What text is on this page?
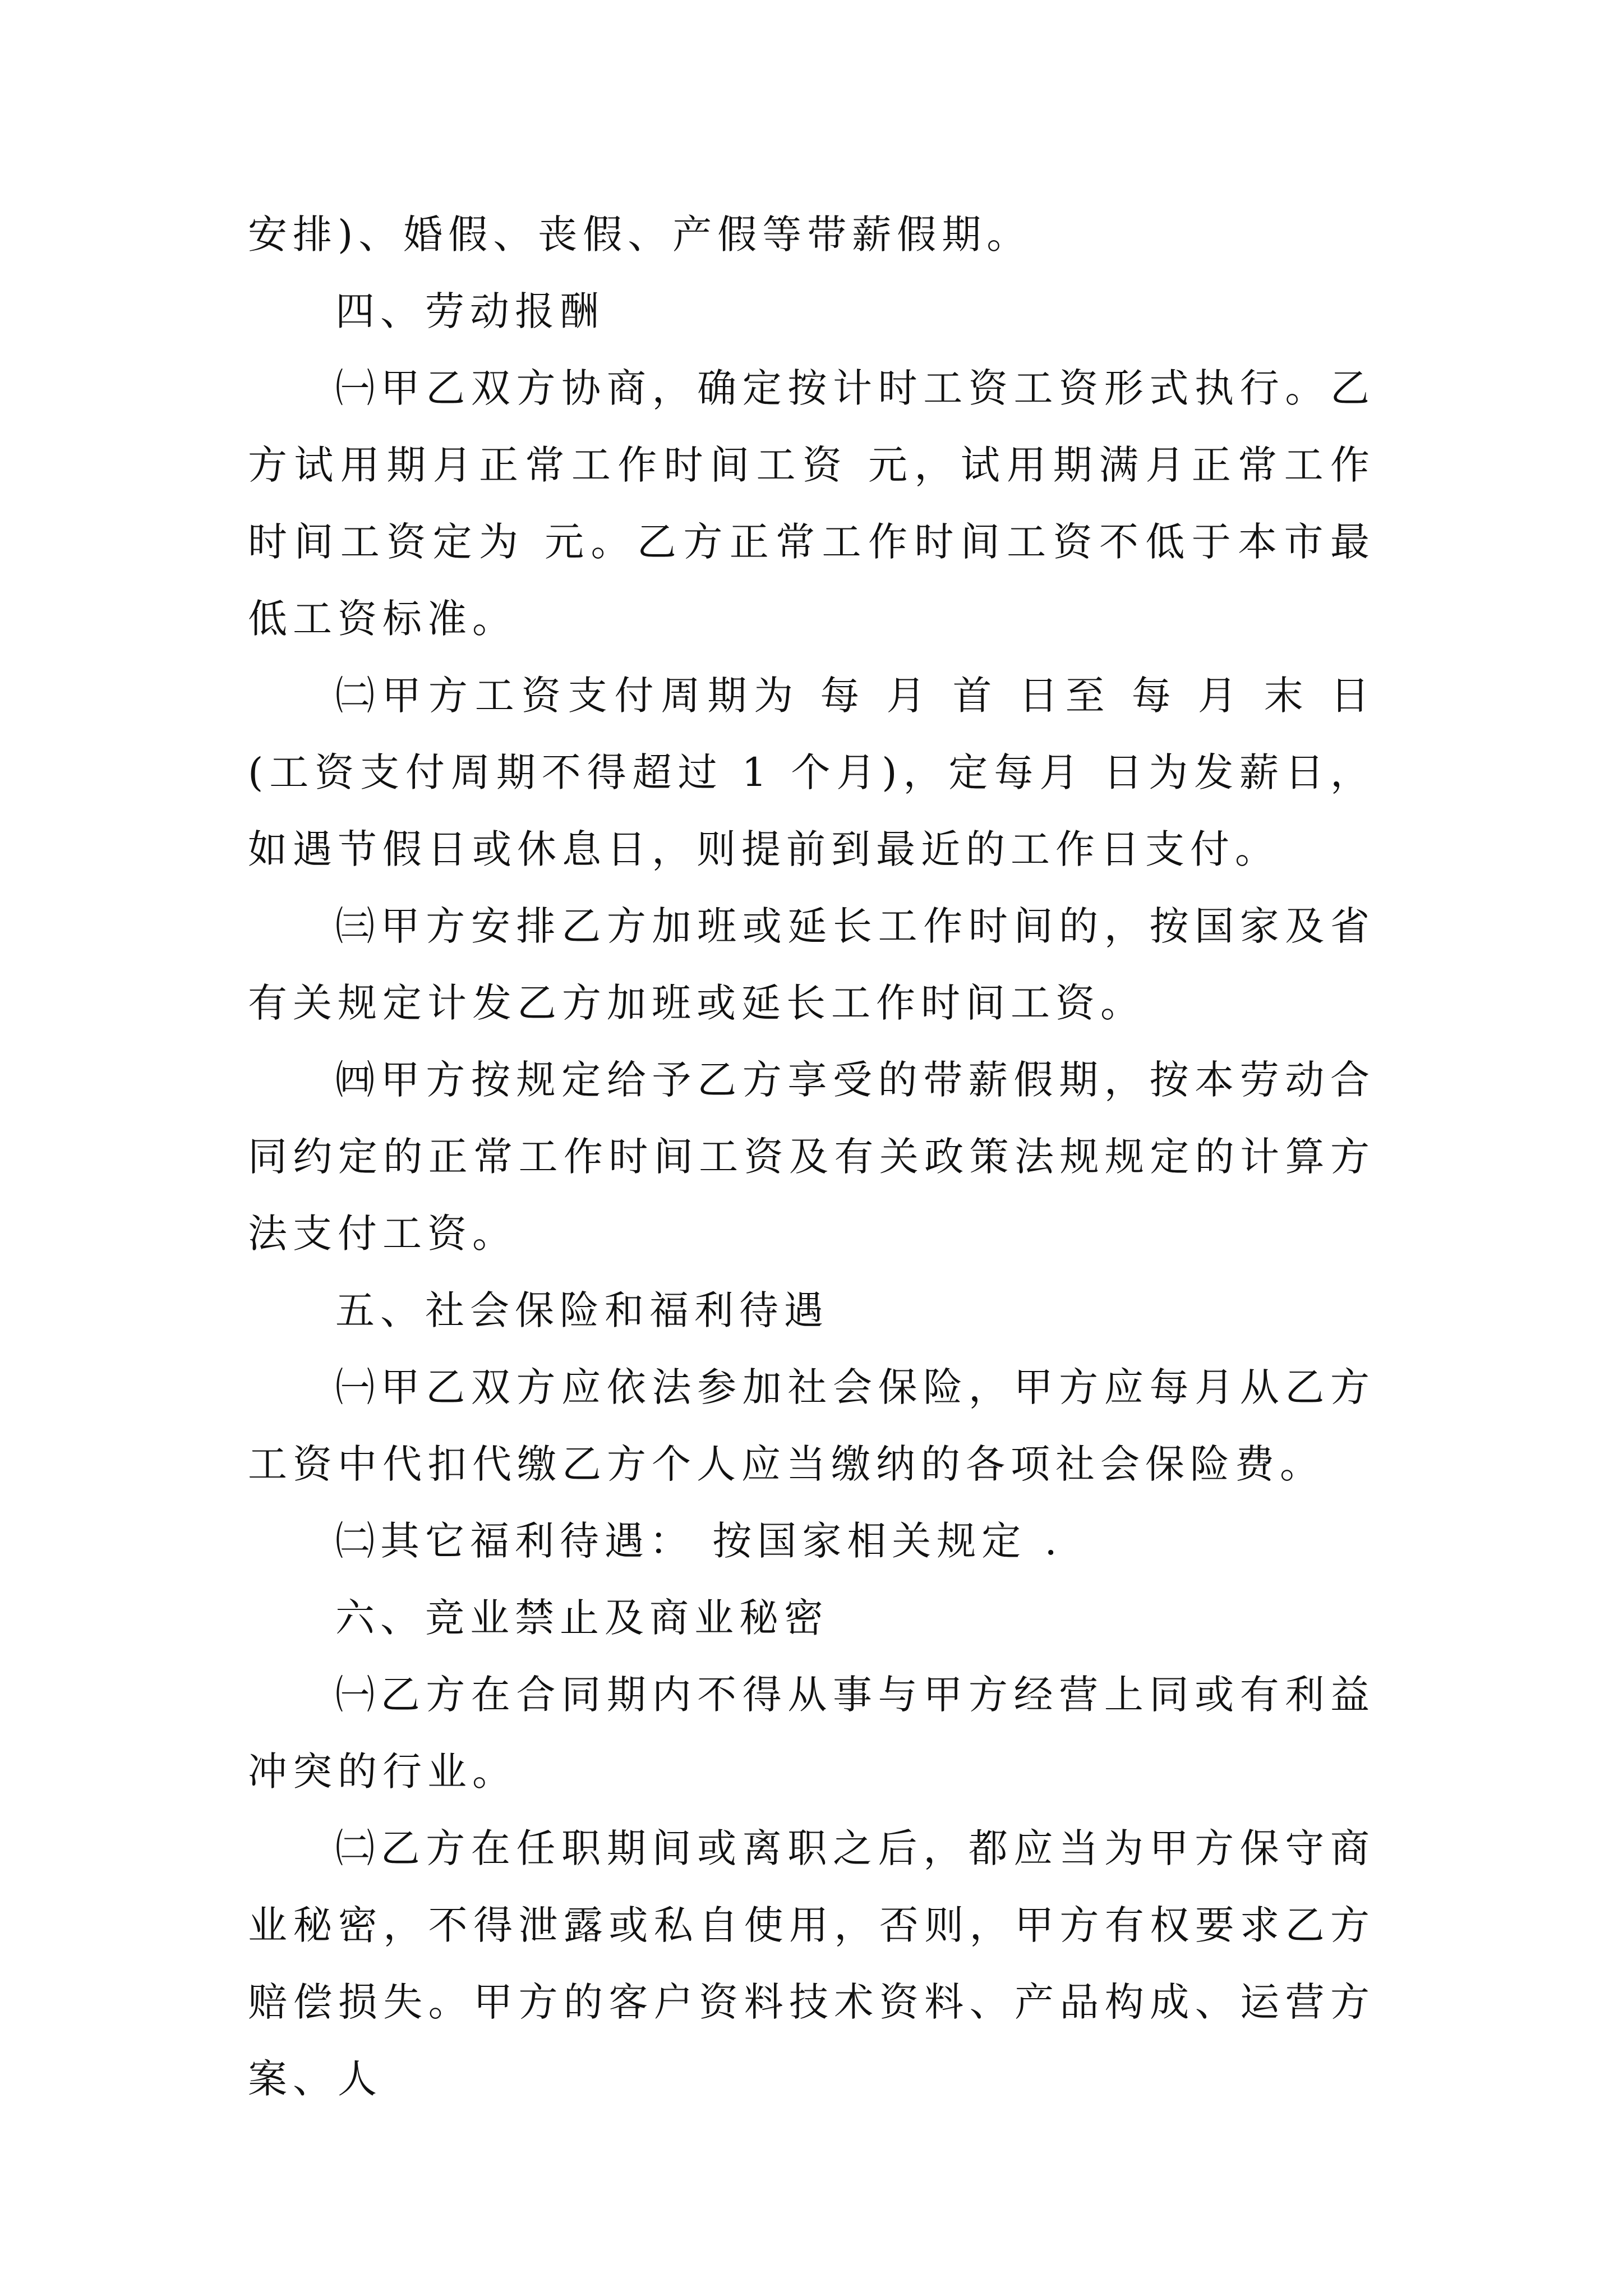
安排)、婚假、丧假、产假等带薪假期。

四、劳动报酬

㈠甲乙双方协商，确定按计时工资工资形式执行。乙方试用期月正常工作时间工资 元，试用期满月正常工作时间工资定为 元。乙方正常工作时间工资不低于本市最低工资标准。

㈡甲方工资支付周期为 每 月 首 日至 每 月 末 日(工资支付周期不得超过 1 个月)，定每月 日为发薪日，如遇节假日或休息日，则提前到最近的工作日支付。

㈢甲方安排乙方加班或延长工作时间的，按国家及省有关规定计发乙方加班或延长工作时间工资。

㈣甲方按规定给予乙方享受的带薪假期，按本劳动合同约定的正常工作时间工资及有关政策法规规定的计算方法支付工资。

五、社会保险和福利待遇

㈠甲乙双方应依法参加社会保险，甲方应每月从乙方工资中代扣代缴乙方个人应当缴纳的各项社会保险费。

㈡其它福利待遇： 按国家相关规定 .

六、竞业禁止及商业秘密

㈠乙方在合同期内不得从事与甲方经营上同或有利益冲突的行业。

㈡乙方在任职期间或离职之后，都应当为甲方保守商业秘密，不得泄露或私自使用，否则，甲方有权要求乙方赔偿损失。甲方的客户资料技术资料、产品构成、运营方案、人
